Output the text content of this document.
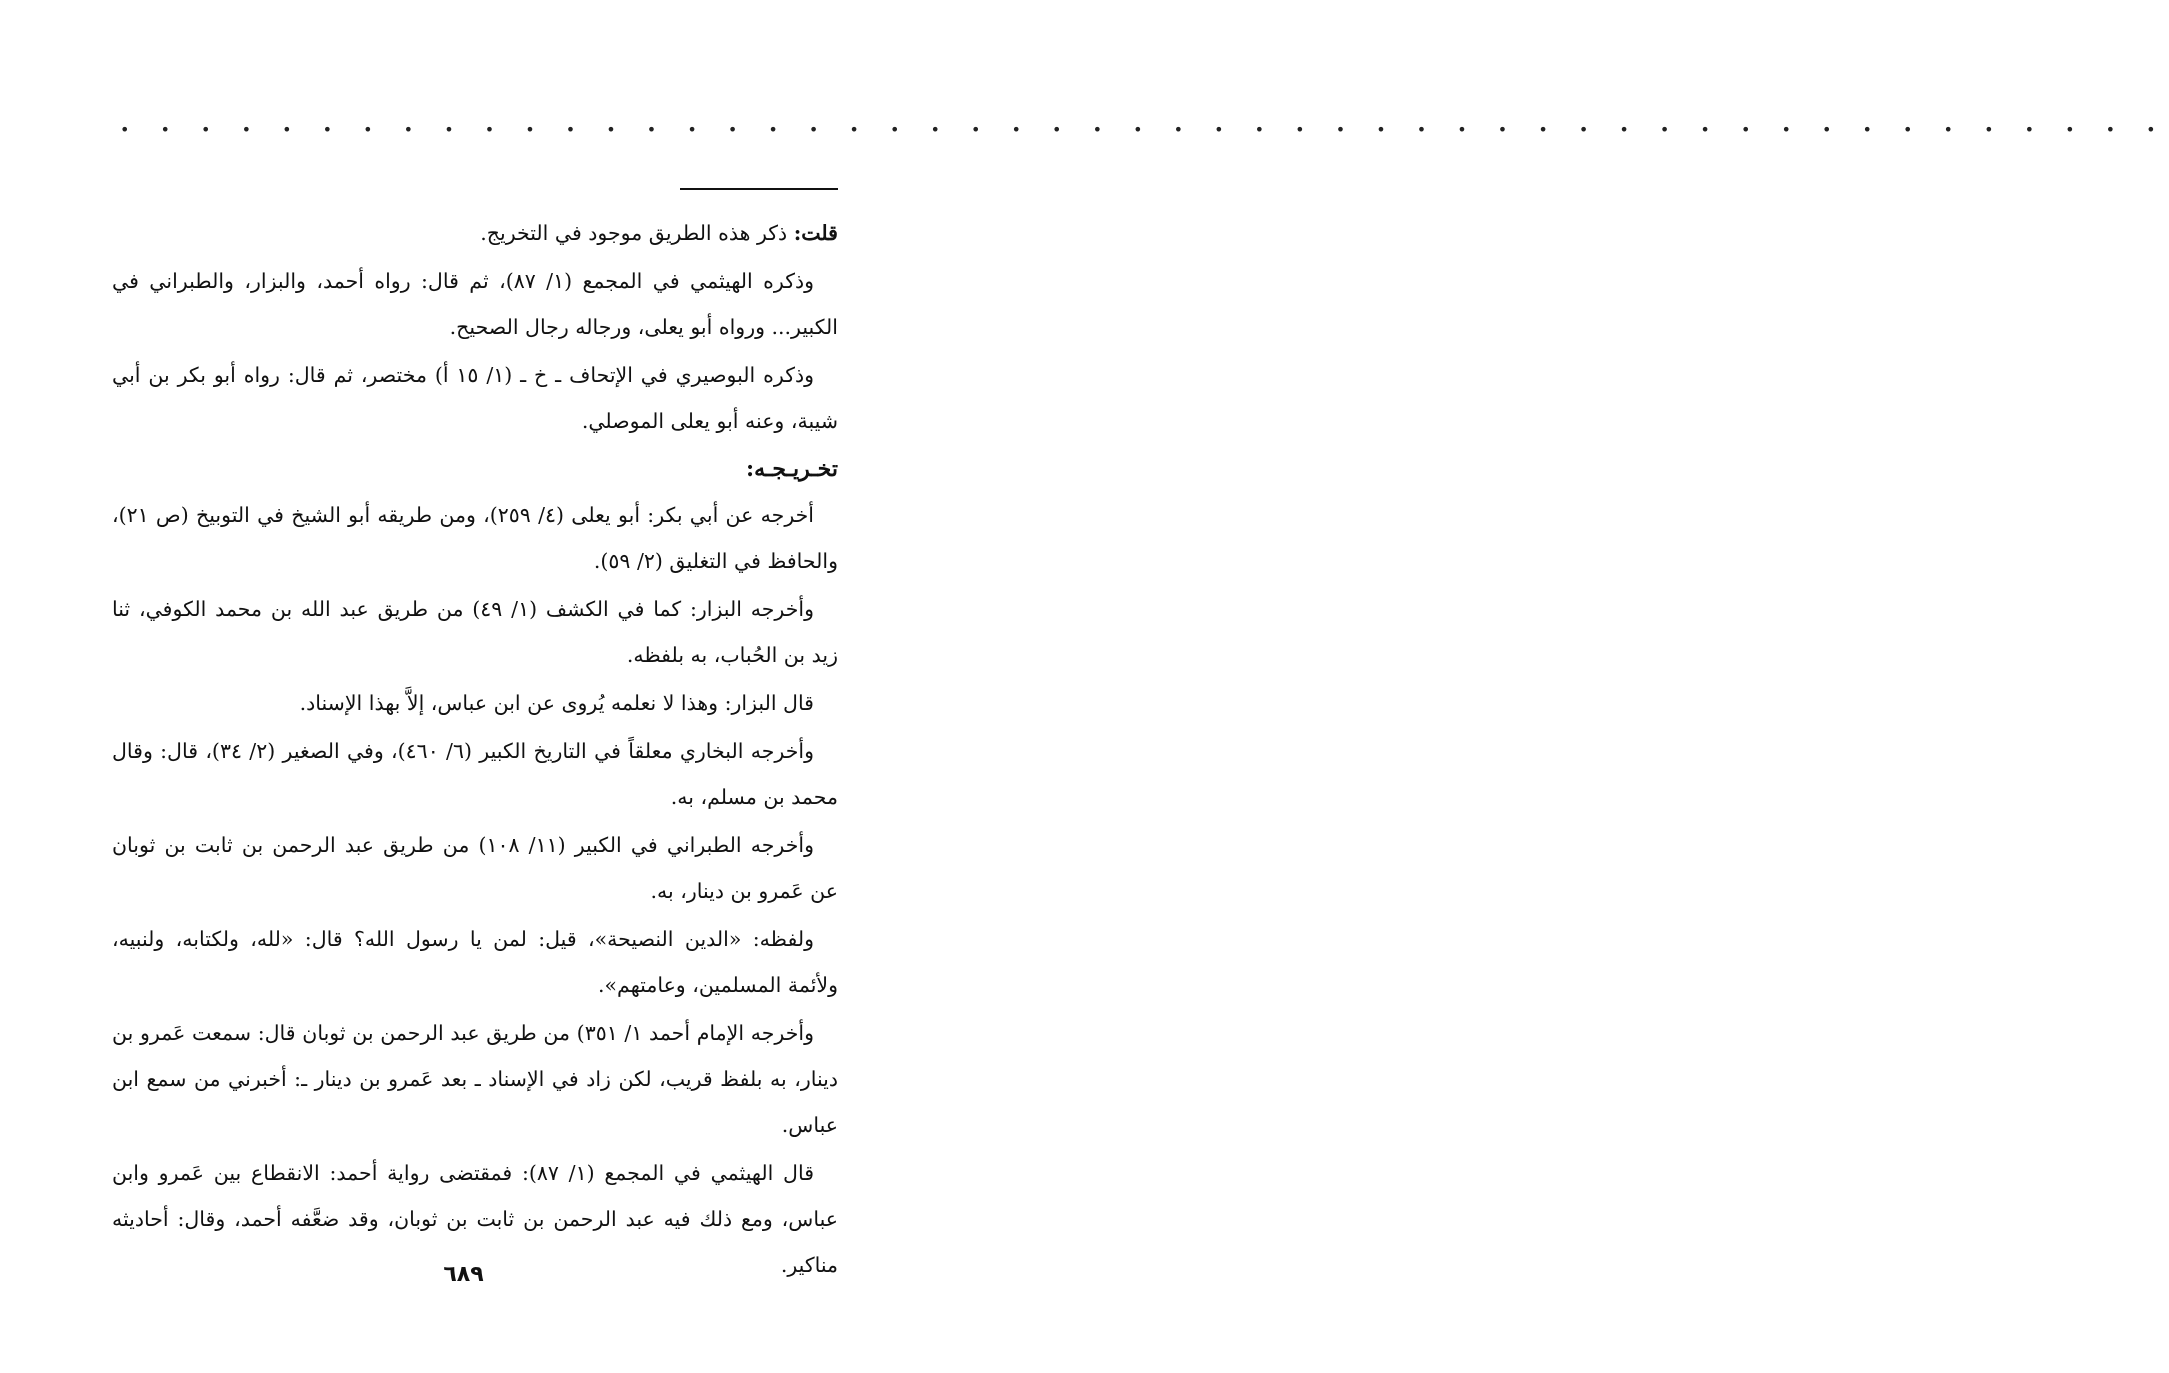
• • • • • • • • • • • • • • • • • • • • • • • • • • • • • • • • • • • • • • • • • • • • • • • • • • •

قلت: ذكر هذه الطريق موجود في التخريج.

وذكره الهيثمي في المجمع (١/ ٨٧)، ثم قال: رواه أحمد، والبزار، والطبراني في الكبير... ورواه أبو يعلى، ورجاله رجال الصحيح.

وذكره البوصيري في الإتحاف ـ خ ـ (١/ ١٥ أ) مختصر، ثم قال: رواه أبو بكر بن أبي شيبة، وعنه أبو يعلى الموصلي.

تخـريـجـه:

أخرجه عن أبي بكر: أبو يعلى (٤/ ٢٥٩)، ومن طريقه أبو الشيخ في التوبيخ (ص ٢١)، والحافظ في التغليق (٢/ ٥٩).

وأخرجه البزار: كما في الكشف (١/ ٤٩) من طريق عبد الله بن محمد الكوفي، ثنا زيد بن الحُباب، به بلفظه.

قال البزار: وهذا لا نعلمه يُروى عن ابن عباس، إلاَّ بهذا الإسناد.

وأخرجه البخاري معلقاً في التاريخ الكبير (٦/ ٤٦٠)، وفي الصغير (٢/ ٣٤)، قال: وقال محمد بن مسلم، به.

وأخرجه الطبراني في الكبير (١١/ ١٠٨) من طريق عبد الرحمن بن ثابت بن ثوبان عن عَمرو بن دينار، به.

ولفظه: «الدين النصيحة»، قيل: لمن يا رسول الله؟ قال: «لله، ولكتابه، ولنبيه، ولأئمة المسلمين، وعامتهم».

وأخرجه الإمام أحمد ١/ ٣٥١) من طريق عبد الرحمن بن ثوبان قال: سمعت عَمرو بن دينار، به بلفظ قريب، لكن زاد في الإسناد ـ بعد عَمرو بن دينار ـ: أخبرني من سمع ابن عباس.

قال الهيثمي في المجمع (١/ ٨٧): فمقتضى رواية أحمد: الانقطاع بين عَمرو وابن عباس، ومع ذلك فيه عبد الرحمن بن ثابت بن ثوبان، وقد ضعَّفه أحمد، وقال: أحاديثه مناكير.

٦٨٩
